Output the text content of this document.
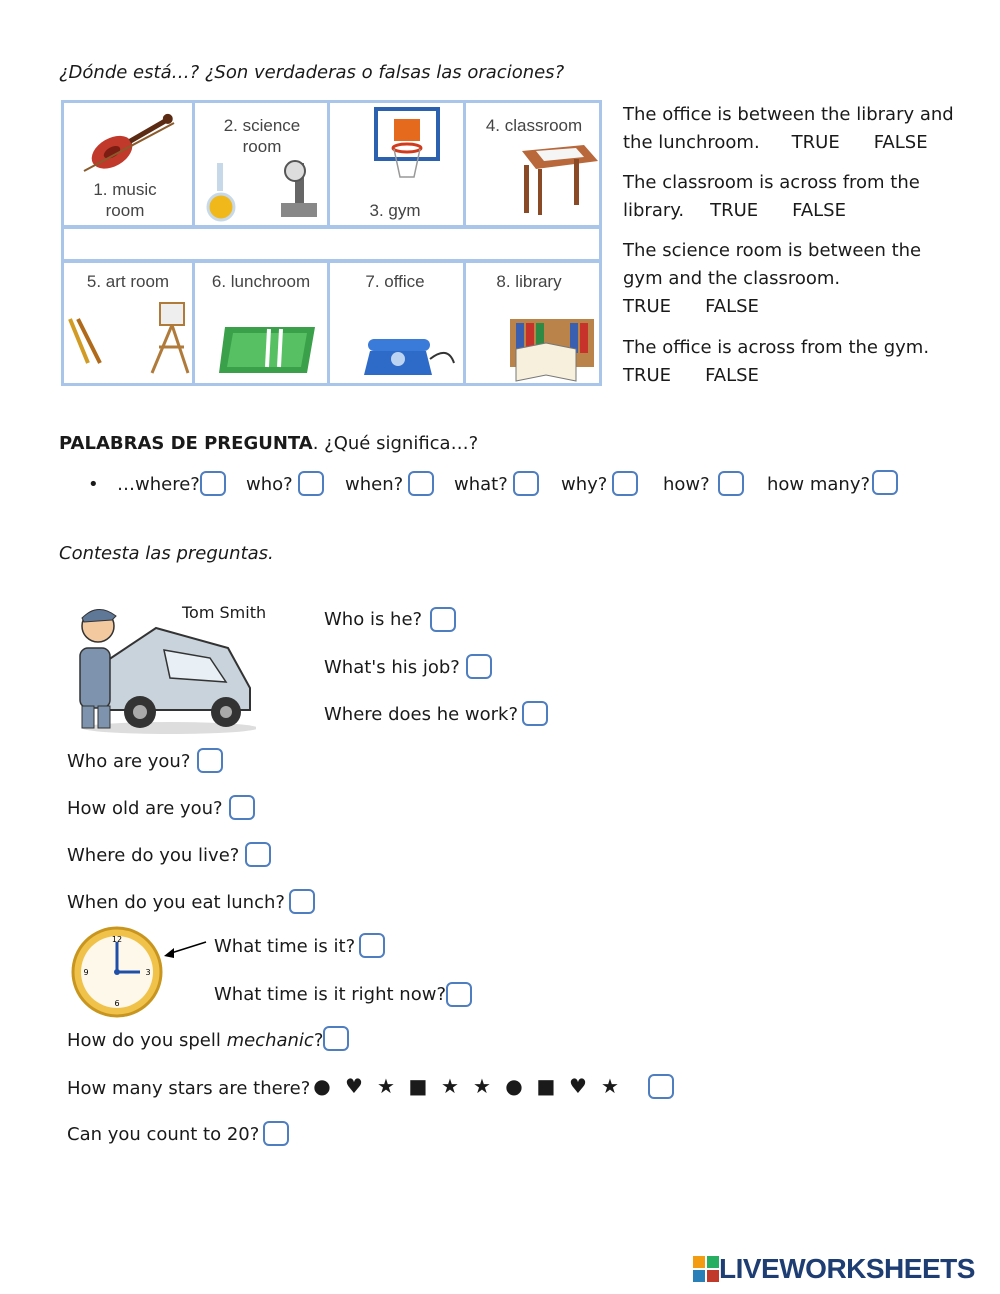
¿Dónde está…? ¿Son verdaderas o falsas las oraciones?
1. music
room
2. science
room
3. gym
4. classroom
5. art room	6. lunchroom	7. office	8. library
The office is between the library and
the lunchroom. TRUE FALSE
The classroom is across from the
library. TRUE FALSE
The science room is between the
gym and the classroom.
TRUE FALSE
The office is across from the gym.
TRUE FALSE
PALABRAS DE PREGUNTA. ¿Qué significa…?
• …where?	who?	when?	what?	why?	how?	how many?
Contesta las preguntas.
Tom Smith	Who is he?
What's his job?
Where does he work?
Who are you?
How old are you?
Where do you live?
When do you eat lunch?
12
3
6
9
What time is it?
What time is it right now?
How do you spell mechanic?
How many stars are there? ● ♥ ★ ■ ★ ★ ● ■ ♥ ★
Can you count to 20?
LIVEWORKSHEETS
